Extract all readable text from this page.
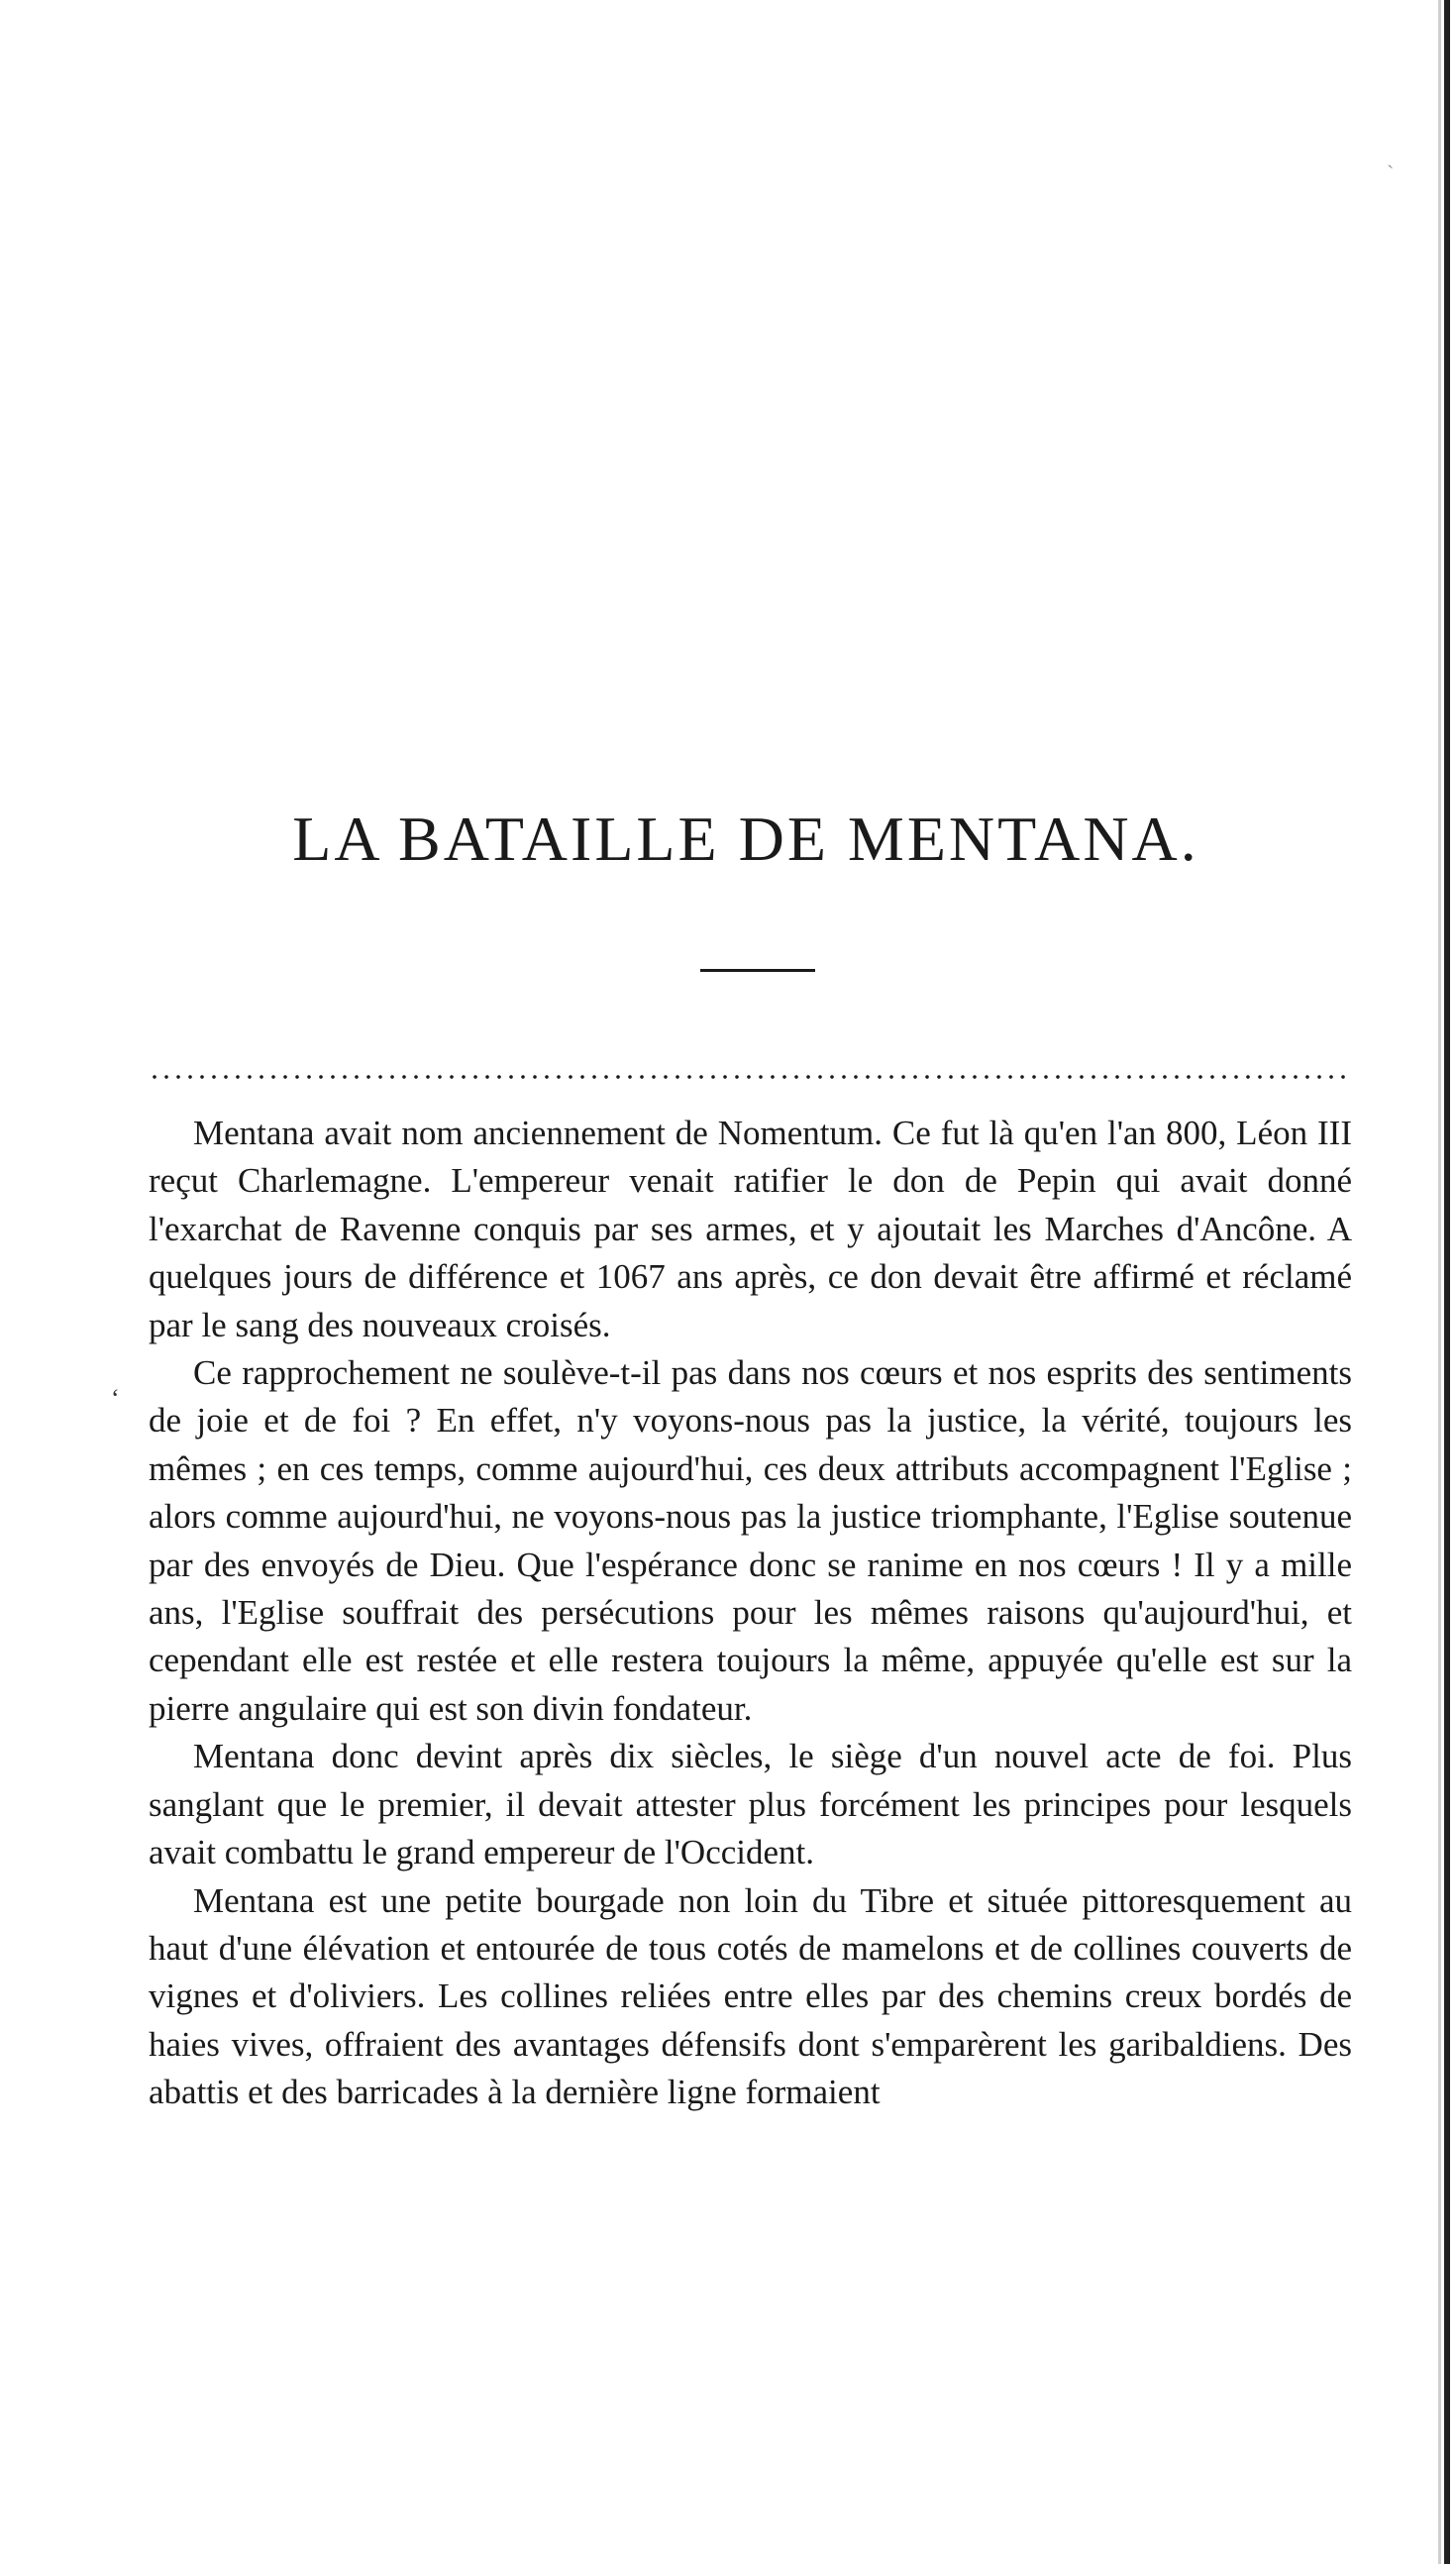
ˏ
LA BATAILLE DE MENTANA.
ʻ

Mentana avait nom anciennement de Nomentum. Ce fut là qu'en l'an 800, Léon III reçut Charlemagne. L'empereur venait ratifier le don de Pepin qui avait donné l'exarchat de Ravenne conquis par ses armes, et y ajoutait les Marches d'Ancône. A quelques jours de différence et 1067 ans après, ce don devait être affirmé et réclamé par le sang des nouveaux croisés.

Ce rapprochement ne soulève-t-il pas dans nos cœurs et nos esprits des sentiments de joie et de foi ? En effet, n'y voyons-nous pas la justice, la vérité, toujours les mêmes ; en ces temps, comme aujourd'hui, ces deux attributs accompagnent l'Eglise ; alors comme aujourd'hui, ne voyons-nous pas la justice triomphante, l'Eglise soutenue par des envoyés de Dieu. Que l'espérance donc se ranime en nos cœurs ! Il y a mille ans, l'Eglise souffrait des persécutions pour les mêmes raisons qu'aujourd'hui, et cependant elle est restée et elle restera toujours la même, appuyée qu'elle est sur la pierre angulaire qui est son divin fondateur.

Mentana donc devint après dix siècles, le siège d'un nouvel acte de foi. Plus sanglant que le premier, il devait attester plus forcément les principes pour lesquels avait combattu le grand empereur de l'Occident.

Mentana est une petite bourgade non loin du Tibre et située pittoresquement au haut d'une élévation et entourée de tous cotés de mamelons et de collines couverts de vignes et d'oliviers. Les collines reliées entre elles par des chemins creux bordés de haies vives, offraient des avantages défensifs dont s'emparèrent les garibaldiens. Des abattis et des barricades à la dernière ligne formaient
